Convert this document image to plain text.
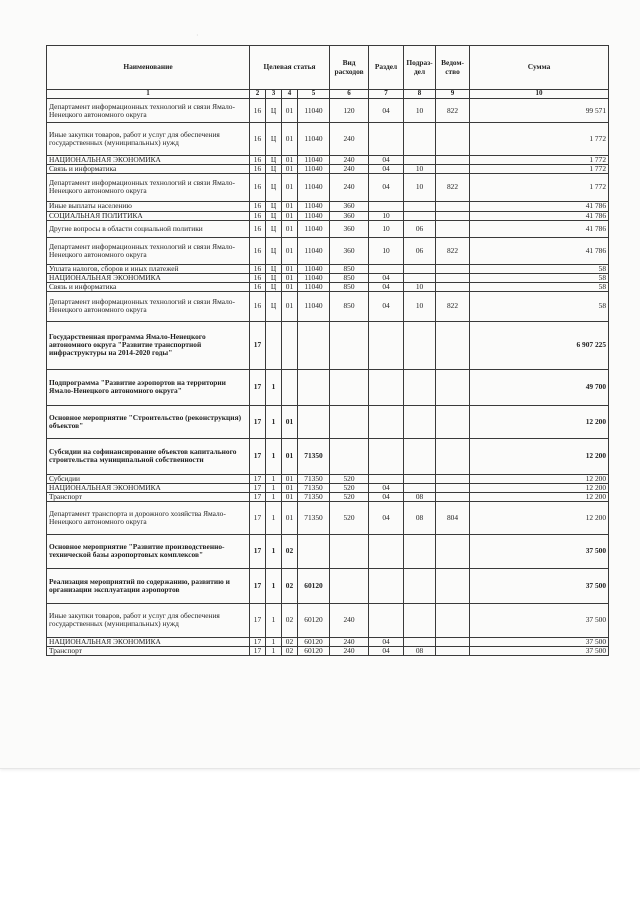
·
Наименование	Целевая статья				Вид расходов	Раздел	Подраз- дел	Ведом- ство	Сумма
1	2	3	4	5	6	7	8	9	10
Департамент информационных технологий и связи Ямало-Ненецкого автономного округа	16	Ц	01	11040	120	04	10	822	99 571
Иные закупки товаров, работ и услуг для обеспечения государственных (муниципальных) нужд	16	Ц	01	11040	240				1 772
НАЦИОНАЛЬНАЯ ЭКОНОМИКА	16	Ц	01	11040	240	04			1 772
Связь и информатика	16	Ц	01	11040	240	04	10		1 772
Департамент информационных технологий и связи Ямало-Ненецкого автономного округа	16	Ц	01	11040	240	04	10	822	1 772
Иные выплаты населению	16	Ц	01	11040	360				41 786
СОЦИАЛЬНАЯ ПОЛИТИКА	16	Ц	01	11040	360	10			41 786
Другие вопросы в области социальной политики	16	Ц	01	11040	360	10	06		41 786
Департамент информационных технологий и связи Ямало-Ненецкого автономного округа	16	Ц	01	11040	360	10	06	822	41 786
Уплата налогов, сборов и иных платежей	16	Ц	01	11040	850				58
НАЦИОНАЛЬНАЯ ЭКОНОМИКА	16	Ц	01	11040	850	04			58
Связь и информатика	16	Ц	01	11040	850	04	10		58
Департамент информационных технологий и связи Ямало-Ненецкого автономного округа	16	Ц	01	11040	850	04	10	822	58
Государственная программа Ямало-Ненецкого автономного округа "Развитие транспортной инфраструктуры на 2014-2020 годы"	17								6 907 225
Подпрограмма "Развитие аэропортов на территории Ямало-Ненецкого автономного округа"	17	1							49 700
Основное мероприятие "Строительство (реконструкция) объектов"	17	1	01						12 200
Субсидии на софинансирование объектов капитального строительства муниципальной собственности	17	1	01	71350					12 200
Субсидии	17	1	01	71350	520				12 200
НАЦИОНАЛЬНАЯ ЭКОНОМИКА	17	1	01	71350	520	04			12 200
Транспорт	17	1	01	71350	520	04	08		12 200
Департамент транспорта и дорожного хозяйства Ямало-Ненецкого автономного округа	17	1	01	71350	520	04	08	804	12 200
Основное мероприятие "Развитие производственно-технической базы аэропортовых комплексов"	17	1	02						37 500
Реализация мероприятий по содержанию, развитию и организации эксплуатации аэропортов	17	1	02	60120					37 500
Иные закупки товаров, работ и услуг для обеспечения государственных (муниципальных) нужд	17	1	02	60120	240				37 500
НАЦИОНАЛЬНАЯ ЭКОНОМИКА	17	1	02	60120	240	04			37 500
Транспорт	17	1	02	60120	240	04	08		37 500
